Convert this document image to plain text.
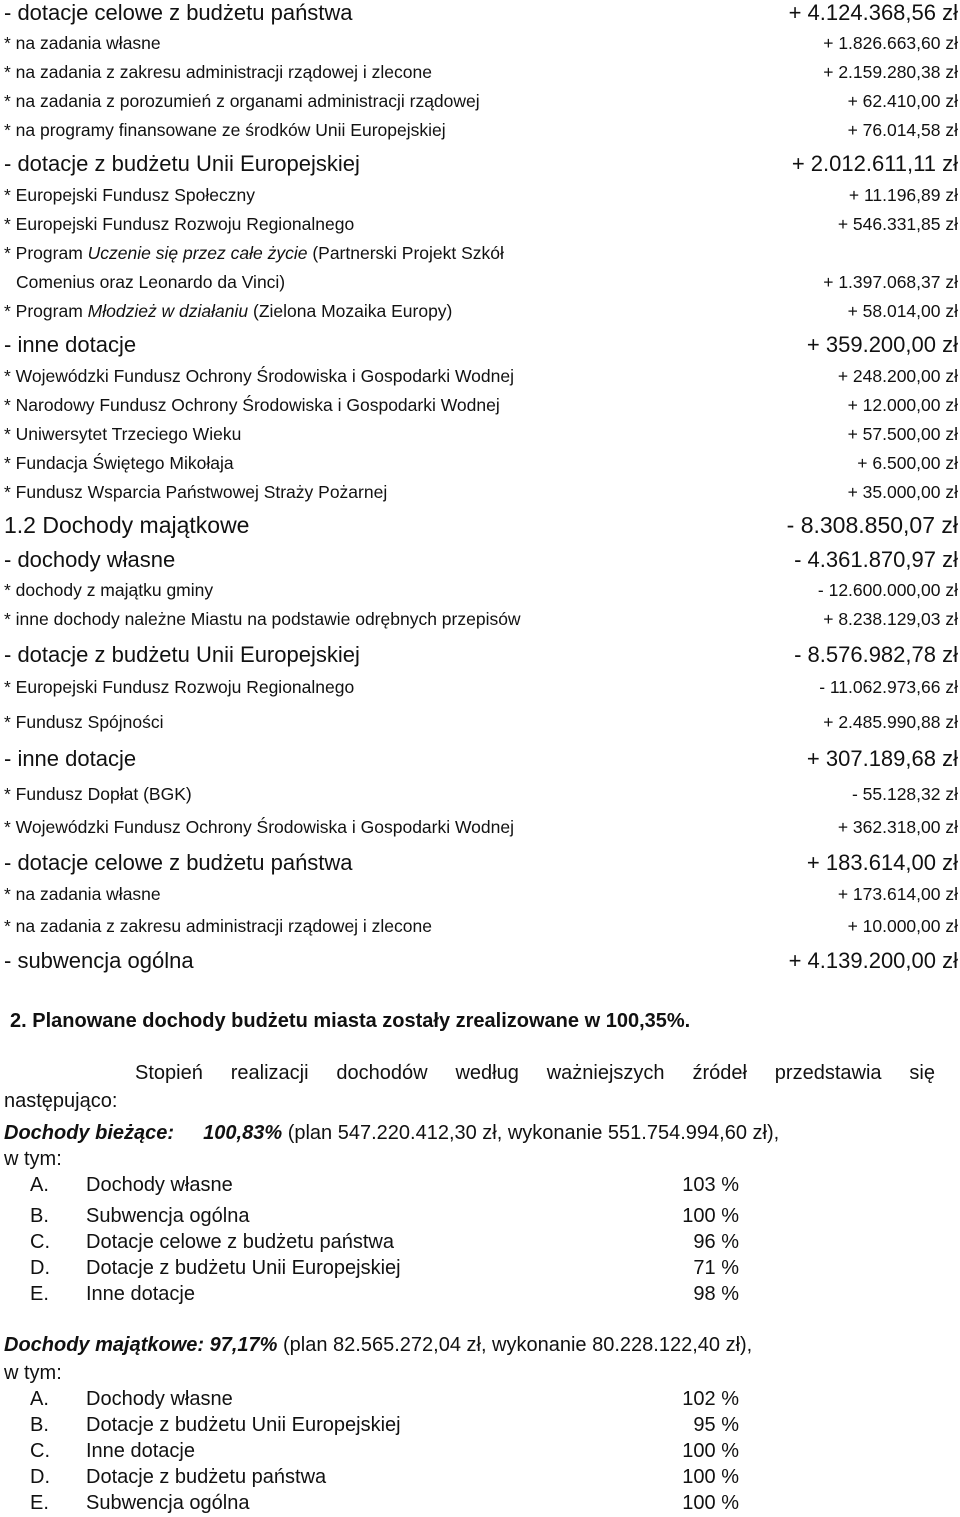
- dotacje celowe z budżetu państwa	+ 4.124.368,56 zł
* na zadania własne	+ 1.826.663,60 zł
* na zadania z zakresu administracji rządowej i zlecone	+ 2.159.280,38 zł
* na zadania z porozumień z organami administracji rządowej	+ 62.410,00 zł
* na programy finansowane ze środków Unii Europejskiej	+ 76.014,58 zł
- dotacje z budżetu Unii Europejskiej	+ 2.012.611,11 zł
* Europejski Fundusz Społeczny	+ 11.196,89 zł
* Europejski Fundusz Rozwoju Regionalnego	+ 546.331,85 zł
* Program Uczenie się przez całe życie (Partnerski Projekt Szkół
Comenius oraz Leonardo da Vinci)	+ 1.397.068,37 zł
* Program Młodzież w działaniu (Zielona Mozaika Europy)	+ 58.014,00 zł
- inne dotacje	+ 359.200,00 zł
* Wojewódzki Fundusz Ochrony Środowiska i Gospodarki Wodnej	+ 248.200,00 zł
* Narodowy Fundusz Ochrony Środowiska i Gospodarki Wodnej	+ 12.000,00 zł
* Uniwersytet Trzeciego Wieku	+ 57.500,00 zł
* Fundacja Świętego Mikołaja	+ 6.500,00 zł
* Fundusz Wsparcia Państwowej Straży Pożarnej	+ 35.000,00 zł
1.2 Dochody majątkowe	- 8.308.850,07 zł
- dochody własne	- 4.361.870,97 zł
* dochody z majątku gminy	- 12.600.000,00 zł
* inne dochody należne Miastu na podstawie odrębnych przepisów	+ 8.238.129,03 zł
- dotacje z budżetu Unii Europejskiej	- 8.576.982,78 zł
* Europejski Fundusz Rozwoju Regionalnego	- 11.062.973,66 zł
* Fundusz Spójności	+ 2.485.990,88 zł
- inne dotacje	+ 307.189,68 zł
* Fundusz Dopłat (BGK)	- 55.128,32 zł
* Wojewódzki Fundusz Ochrony Środowiska i Gospodarki Wodnej	+ 362.318,00 zł
- dotacje celowe z budżetu państwa	+ 183.614,00 zł
* na zadania własne	+ 173.614,00 zł
* na zadania z zakresu administracji rządowej i zlecone	+ 10.000,00 zł
- subwencja ogólna	+ 4.139.200,00 zł
2. Planowane dochody budżetu miasta zostały zrealizowane w 100,35%.
Stopień realizacji dochodów według ważniejszych źródeł przedstawia się
następująco:
Dochody bieżące: 100,83% (plan 547.220.412,30 zł, wykonanie 551.754.994,60 zł),
w tym:
A. Dochody własne	103 %
B. Subwencja ogólna	100 %
C. Dotacje celowe z budżetu państwa	96 %
D. Dotacje z budżetu Unii Europejskiej	71 %
E. Inne dotacje	98 %
Dochody majątkowe: 97,17% (plan 82.565.272,04 zł, wykonanie 80.228.122,40 zł),
w tym:
A. Dochody własne	102 %
B. Dotacje z budżetu Unii Europejskiej	95 %
C. Inne dotacje	100 %
D. Dotacje z budżetu państwa	100 %
E. Subwencja ogólna	100 %
